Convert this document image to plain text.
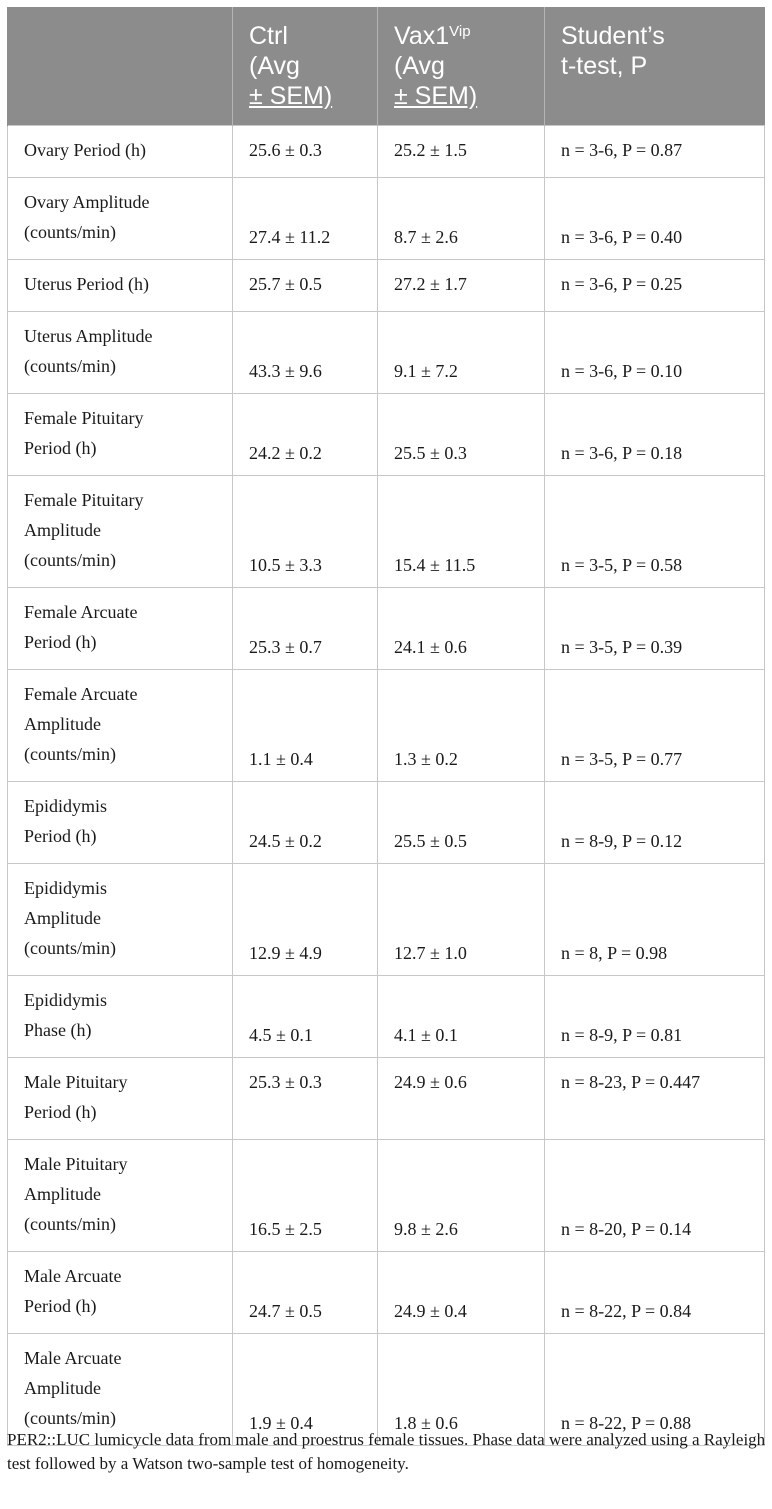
	Ctrl
(Avg
± SEM)	$Vax1^{Vip}$
(Avg
± SEM)	Student’s
t-test, P

Ovary Period (h)	25.6 ± 0.3	25.2 ± 1.5	n = 3-6, P = 0.87

Ovary Amplitude
(counts/min)	27.4 ± 11.2	8.7 ± 2.6	n = 3-6, P = 0.40

Uterus Period (h)	25.7 ± 0.5	27.2 ± 1.7	n = 3-6, P = 0.25

Uterus Amplitude
(counts/min)	43.3 ± 9.6	9.1 ± 7.2	n = 3-6, P = 0.10

Female Pituitary
Period (h)	24.2 ± 0.2	25.5 ± 0.3	n = 3-6, P = 0.18

Female Pituitary
Amplitude
(counts/min)	10.5 ± 3.3	15.4 ± 11.5	n = 3-5, P = 0.58

Female Arcuate
Period (h)	25.3 ± 0.7	24.1 ± 0.6	n = 3-5, P = 0.39

Female Arcuate
Amplitude
(counts/min)	1.1 ± 0.4	1.3 ± 0.2	n = 3-5, P = 0.77

Epididymis
Period (h)	24.5 ± 0.2	25.5 ± 0.5	n = 8-9, P = 0.12

Epididymis
Amplitude
(counts/min)	12.9 ± 4.9	12.7 ± 1.0	n = 8, P = 0.98

Epididymis
Phase (h)	4.5 ± 0.1	4.1 ± 0.1	n = 8-9, P = 0.81

Male Pituitary
Period (h)	25.3 ± 0.3	24.9 ± 0.6	n = 8-23, P = 0.447

Male Pituitary
Amplitude
(counts/min)	16.5 ± 2.5	9.8 ± 2.6	n = 8-20, P = 0.14

Male Arcuate
Period (h)	24.7 ± 0.5	24.9 ± 0.4	n = 8-22, P = 0.84

Male Arcuate
Amplitude
(counts/min)	1.9 ± 0.4	1.8 ± 0.6	n = 8-22, P = 0.88
PER2::LUC lumicycle data from male and proestrus female tissues. Phase data were analyzed using a Rayleigh test followed by a Watson two-sample test of homogeneity.
